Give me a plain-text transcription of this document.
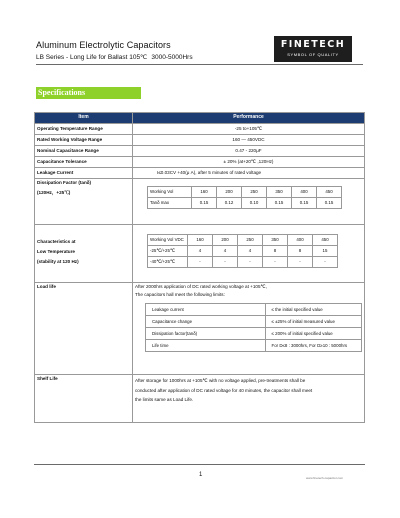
Aluminum Electrolytic Capacitors
LB Series - Long Life for Ballast 105℃ 3000-5000Hrs
FINETECH
SYMBOL OF QUALITY
Specifications
Item	Performance
Operating Temperature Range	-25 to+105℃
Rated Working Voltage Range	160 — 450VDC
Nominal Capacitance Range	0.47 - 220μF
Capacitance Tolerance	± 20% (at+20℃ ,120Hz)
Leakage Current	I≤0.03CV +40(μ A), after 5 minutes of rated voltage

Dissipation Factor (tanδ)
(120Hz，+25℃)
		Working Vol	160	200	250	350	400	450
Tanδ max	0.15	0.12	0.10	0.15	0.15	0.15

Characteristics at
Low Temperature
(stability at 120 Hz)

Working Vol VDC	160	200	250	350	400	450
-25℃/+25℃	4	4	4	8	8	15
-40℃/+25℃	-	-	-	-	-	-

Load life	After 2000hrs application of DC rated working voltage at +105℃,
The capacitors hall meet the following limits:
Leakage current	≤ the initial specified value
Capacitance change	≤ ±25% of initial measured value
Dissipation factor(tanδ)	≤ 200% of initial specified value
Life time	For D≤8 : 3000hrs, For D≥10 : 5000hrs

Shelf Life	After storage for 1000hrs at +105℃ with no voltage applied, pre-treatments shall be
conducted after application of DC rated voltage for 40 minutes, the capacitor shall meet
the limits same as Load Life.
1	www.finetech-capacitor.com
